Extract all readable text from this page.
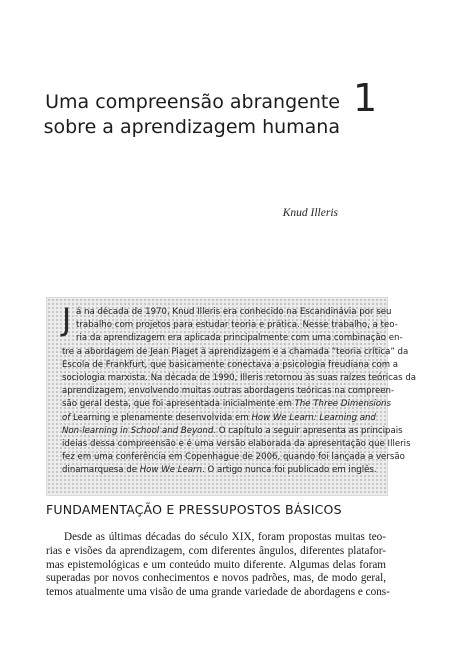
Uma compreensão abrangente
sobre a aprendizagem humana
1
Knud Illeris
J á na década de 1970, Knud Illeris era conhecido na Escandinávia por seu
trabalho com projetos para estudar teoria e prática. Nesse trabalho, a teo-
ria da aprendizagem era aplicada principalmente com uma combinação en-
tre a abordagem de Jean Piaget à aprendizagem e a chamada “teoria crítica” da
Escola de Frankfurt, que basicamente conectava a psicologia freudiana com a
sociologia marxista. Na década de 1990, Illeris retornou às suas raízes teóricas da
aprendizagem, envolvendo muitas outras abordagens teóricas na compreen-
são geral desta, que foi apresentada inicialmente em The Three Dimensions
of Learning e plenamente desenvolvida em How We Learn: Learning and
Non-learning in School and Beyond. O capítulo a seguir apresenta as principais
ideias dessa compreensão e é uma versão elaborada da apresentação que Illeris
fez em uma conferência em Copenhague de 2006, quando foi lançada a versão
dinamarquesa de How We Learn. O artigo nunca foi publicado em inglês.
FUNDAMENTAÇÃO E PRESSUPOSTOS BÁSICOS
Desde as últimas décadas do século XIX, foram propostas muitas teo-
rias e visões da aprendizagem, com diferentes ângulos, diferentes platafor-
mas epistemológicas e um conteúdo muito diferente. Algumas delas foram
superadas por novos conhecimentos e novos padrões, mas, de modo geral,
temos atualmente uma visão de uma grande variedade de abordagens e cons-
